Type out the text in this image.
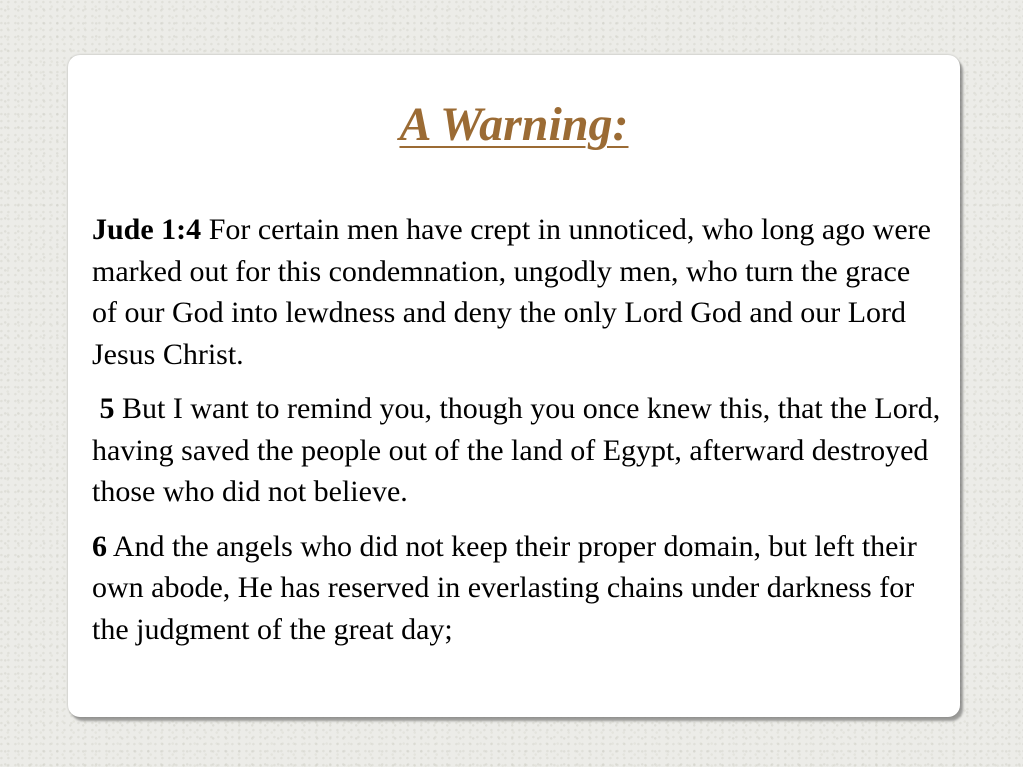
A Warning:

Jude 1:4 For certain men have crept in unnoticed, who long ago were marked out for this condemnation, ungodly men, who turn the grace of our God into lewdness and deny the only Lord God and our Lord Jesus Christ.

5 But I want to remind you, though you once knew this, that the Lord, having saved the people out of the land of Egypt, afterward destroyed those who did not believe.

6 And the angels who did not keep their proper domain, but left their own abode, He has reserved in everlasting chains under darkness for the judgment of the great day;
